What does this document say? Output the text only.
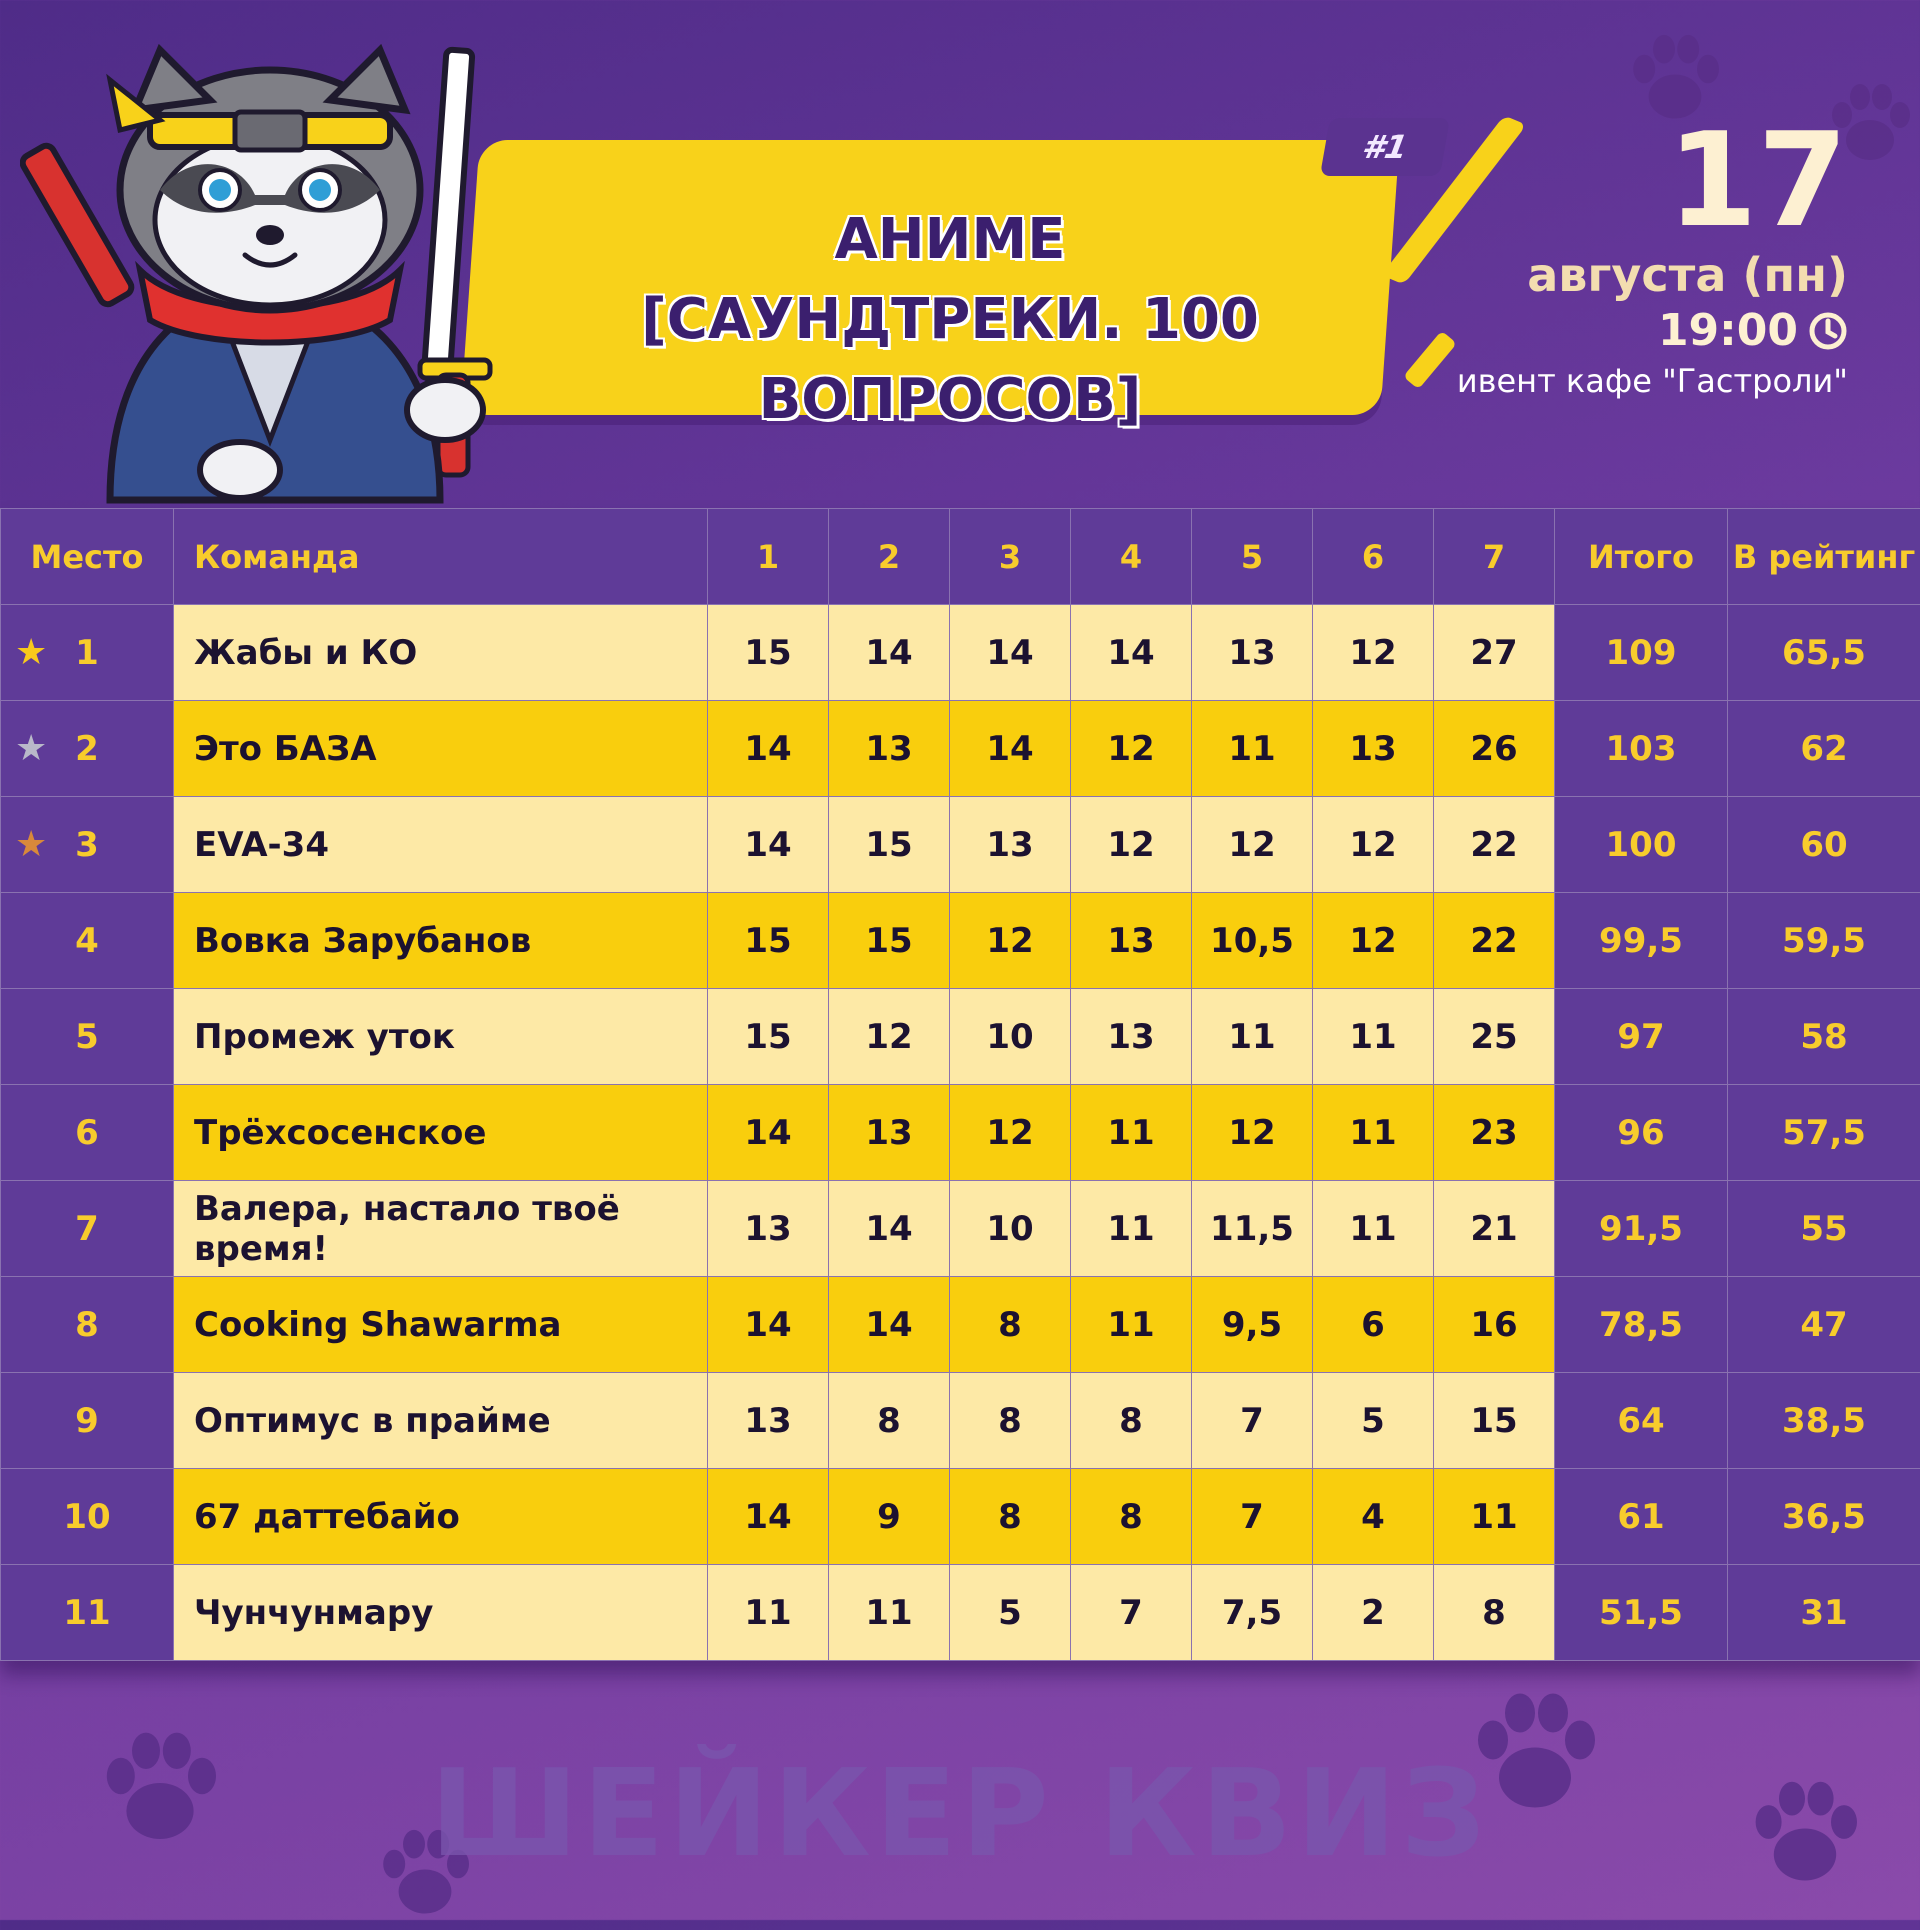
#1
АНИМЕ
[САУНДТРЕКИ. 100 ВОПРОСОВ]
17
августа (пн)
19:00
ивент кафе "Гастроли"
Место	Команда	1	2	3	4	5	6	7	Итого	В рейтинг

★ 1	Жабы и КО	15	14	14	14	13	12	27	109	65,5

★ 2	Это БАЗА	14	13	14	12	11	13	26	103	62

★ 3	EVA-34	14	15	13	12	12	12	22	100	60
4	Вовка Зарубанов	15	15	12	13	10,5	12	22	99,5	59,5
5	Промеж уток	15	12	10	13	11	11	25	97	58
6	Трёхсосенское	14	13	12	11	12	11	23	96	57,5
7	Валера, настало твоё время!	13	14	10	11	11,5	11	21	91,5	55
8	Cooking Shawarma	14	14	8	11	9,5	6	16	78,5	47
9	Оптимус в прайме	13	8	8	8	7	5	15	64	38,5
10	67 даттебайо	14	9	8	8	7	4	11	61	36,5
11	Чунчунмару	11	11	5	7	7,5	2	8	51,5	31
ШЕЙКЕР КВИЗ
